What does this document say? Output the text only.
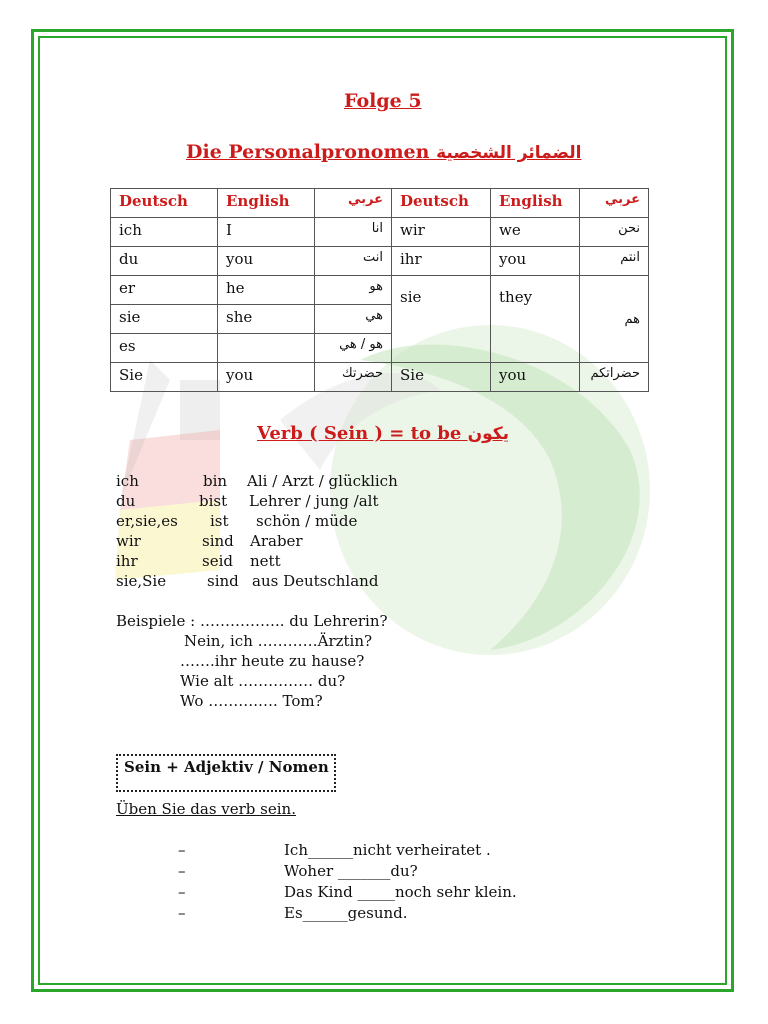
Folge 5
Die Personalpronomen الضمائر الشخصية
Deutsch	English	عربي	Deutsch	English	عربي
ich	I	انا	wir	we	نحن
du	you	انت	ihr	you	انتم
er	he	هو	sie	they	هم
sie	she	هي			
es		هو / هي			
Sie	you	حضرتك	Sie	you	حضراتكم
Verb ( Sein ) = to be يكون
ich	bin Ali / Arzt / glücklich
du	bist Lehrer / jung /alt
er,sie,es ist schön / müde
wir	sind Araber
ihr	seid nett
sie,Sie	sind aus Deutschland
Beispiele : …………….. du Lehrerin?
Nein, ich …………Ärztin?
…….ihr heute zu hause?
Wie alt …………… du?
Wo ……….…. Tom?
Sein + Adjektiv / Nomen
Üben Sie das verb sein.
–	Ich______nicht verheiratet .
–	Woher _______du?
–	Das Kind _____noch sehr klein.
–	Es______gesund.
